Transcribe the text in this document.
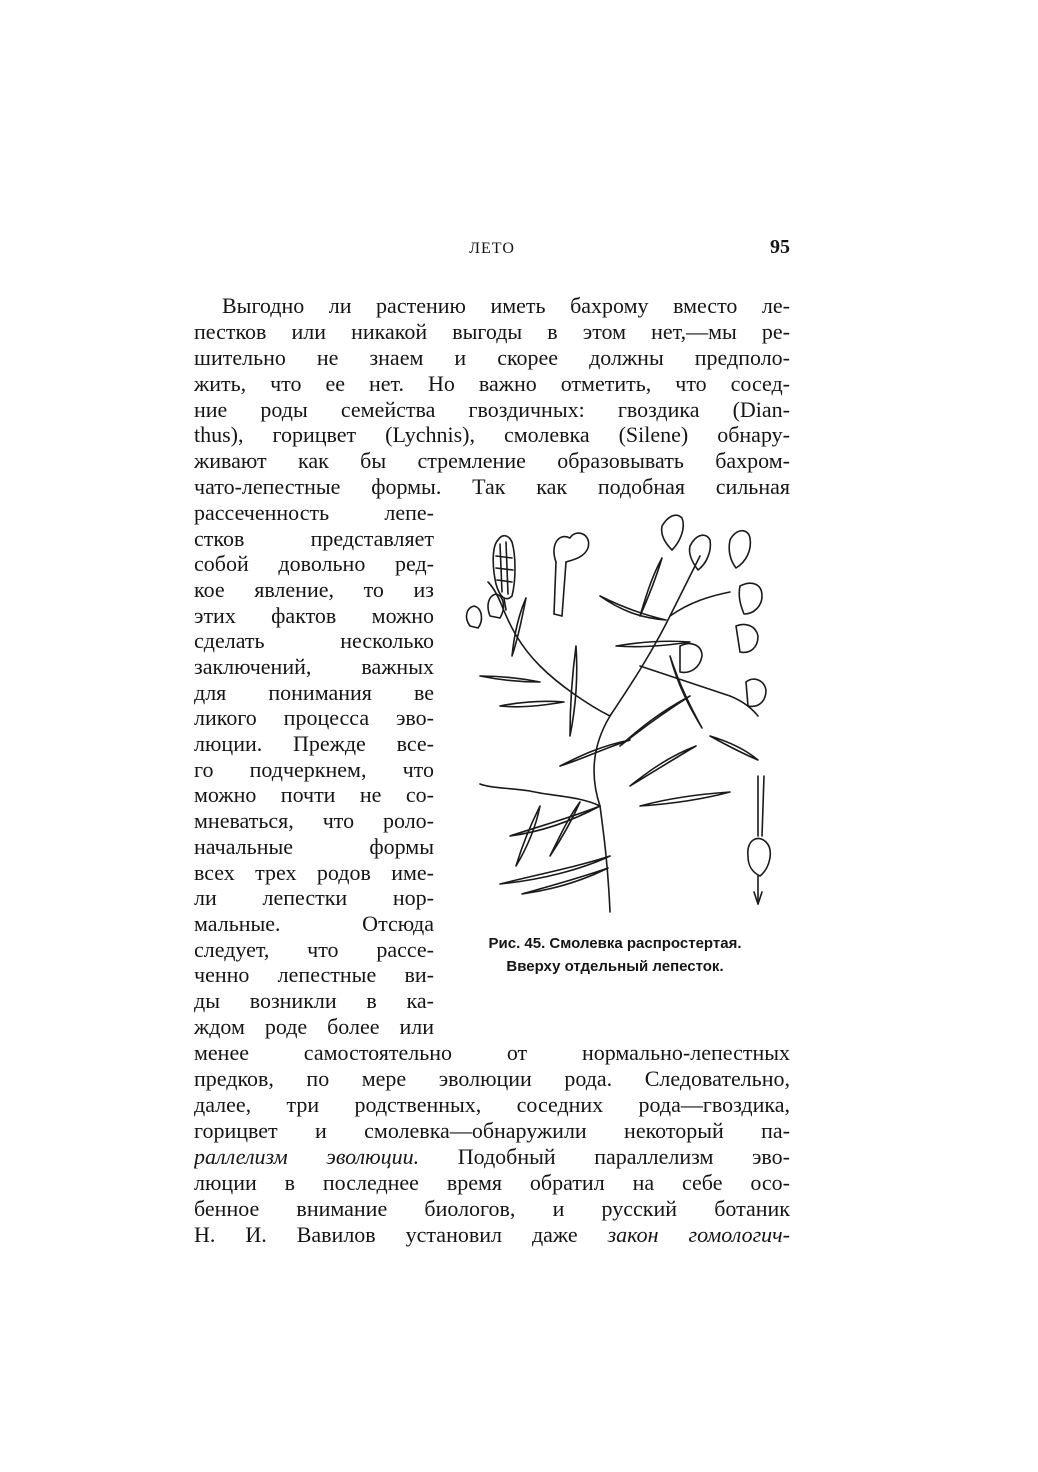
ЛЕТО	95
Выгодно ли растению иметь бахрому вместо ле-
пестков или никакой выгоды в этом нет,—мы ре-
шительно не знаем и скорее должны предполо-
жить, что ее нет. Но важно отметить, что сосед-
ние роды семейства гвоздичных: гвоздика (Dian-
thus), горицвет (Lychnis), смолевка (Silene) обнару-
живают как бы стремление образовывать бахром-
чато-лепестные формы. Так как подобная сильная
рассеченность лепе-
стков представляет
собой довольно ред-
кое явление, то из
этих фактов можно
сделать несколько
заключений, важных
для понимания ве
ликого процесса эво-
люции. Прежде все-
го подчеркнем, что
можно почти не со-
мневаться, что роло-
начальные формы
всех трех родов име-
ли лепестки нор-
мальные. Отсюда
следует, что рассе-
ченно лепестные ви-
ды возникли в ка-
ждом роде более или
менее самостоятельно от нормально-лепестных
предков, по мере эволюции рода. Следовательно,
далее, три родственных, соседних рода—гвоздика,
горицвет и смолевка—обнаружили некоторый па-
раллелизм эволюции. Подобный параллелизм эво-
люции в последнее время обратил на себе осо-
бенное внимание биологов, и русский ботаник
Н. И. Вавилов установил даже закон гомологич-
Рис. 45. Смолевка распростертая.
Вверху отдельный лепесток.
